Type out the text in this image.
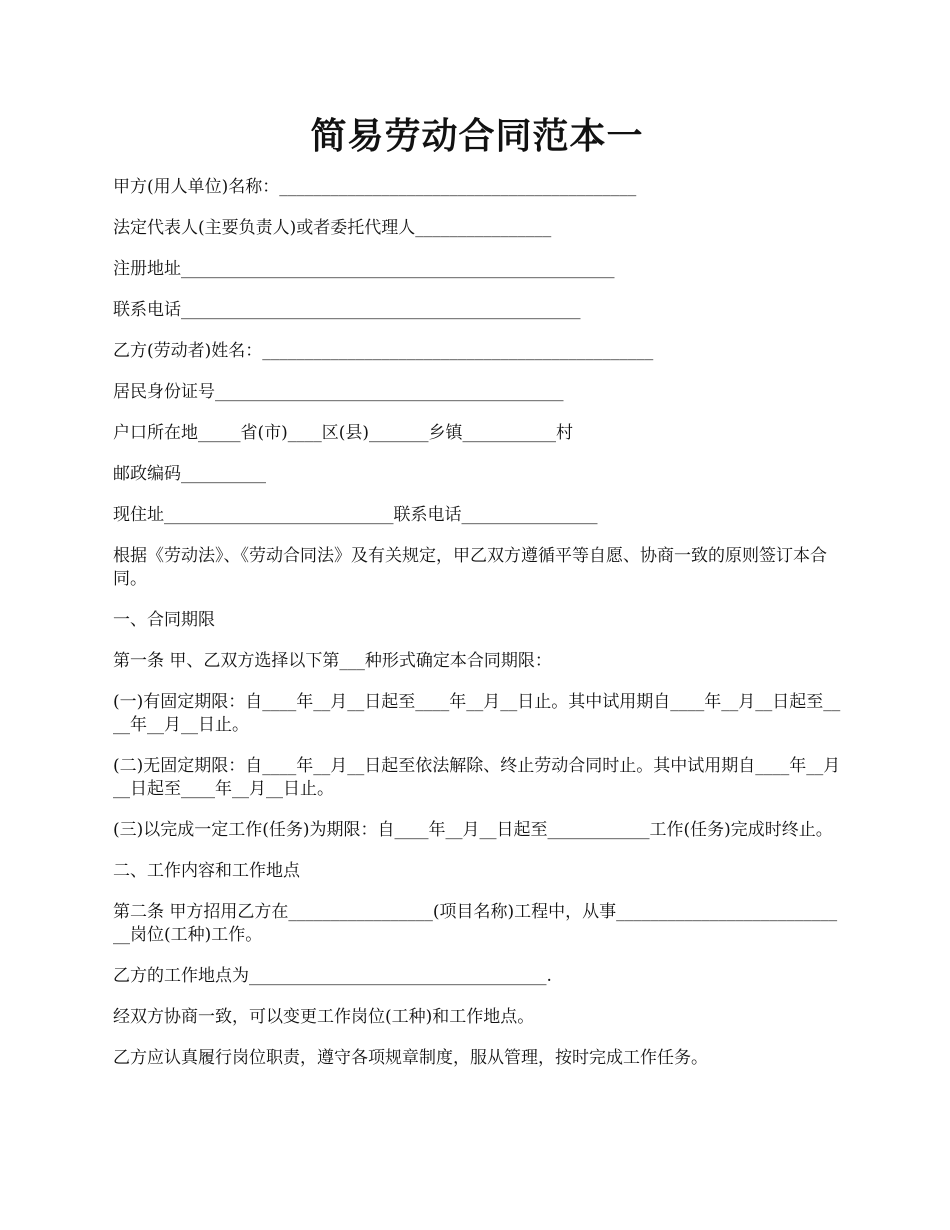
简易劳动合同范本一

甲方(用人单位)名称：__________________________________________

法定代表人(主要负责人)或者委托代理人________________

注册地址___________________________________________________

联系电话_______________________________________________

乙方(劳动者)姓名：______________________________________________

居民身份证号_________________________________________

户口所在地_____省(市)____区(县)_______乡镇___________村

邮政编码__________

现住址___________________________联系电话________________

根据《劳动法》、《劳动合同法》及有关规定，甲乙双方遵循平等自愿、协商一致的原则签订本合同。

一、合同期限

第一条 甲、乙双方选择以下第___种形式确定本合同期限：

(一)有固定期限：自____年__月__日起至____年__月__日止。其中试用期自____年__月__日起至____年__月__日止。

(二)无固定期限：自____年__月__日起至依法解除、终止劳动合同时止。其中试用期自____年__月__日起至____年__月__日止。

(三)以完成一定工作(任务)为期限：自____年__月__日起至____________工作(任务)完成时终止。

二、工作内容和工作地点

第二条 甲方招用乙方在_________________(项目名称)工程中，从事____________________________岗位(工种)工作。

乙方的工作地点为___________________________________.

经双方协商一致，可以变更工作岗位(工种)和工作地点。

乙方应认真履行岗位职责，遵守各项规章制度，服从管理，按时完成工作任务。
